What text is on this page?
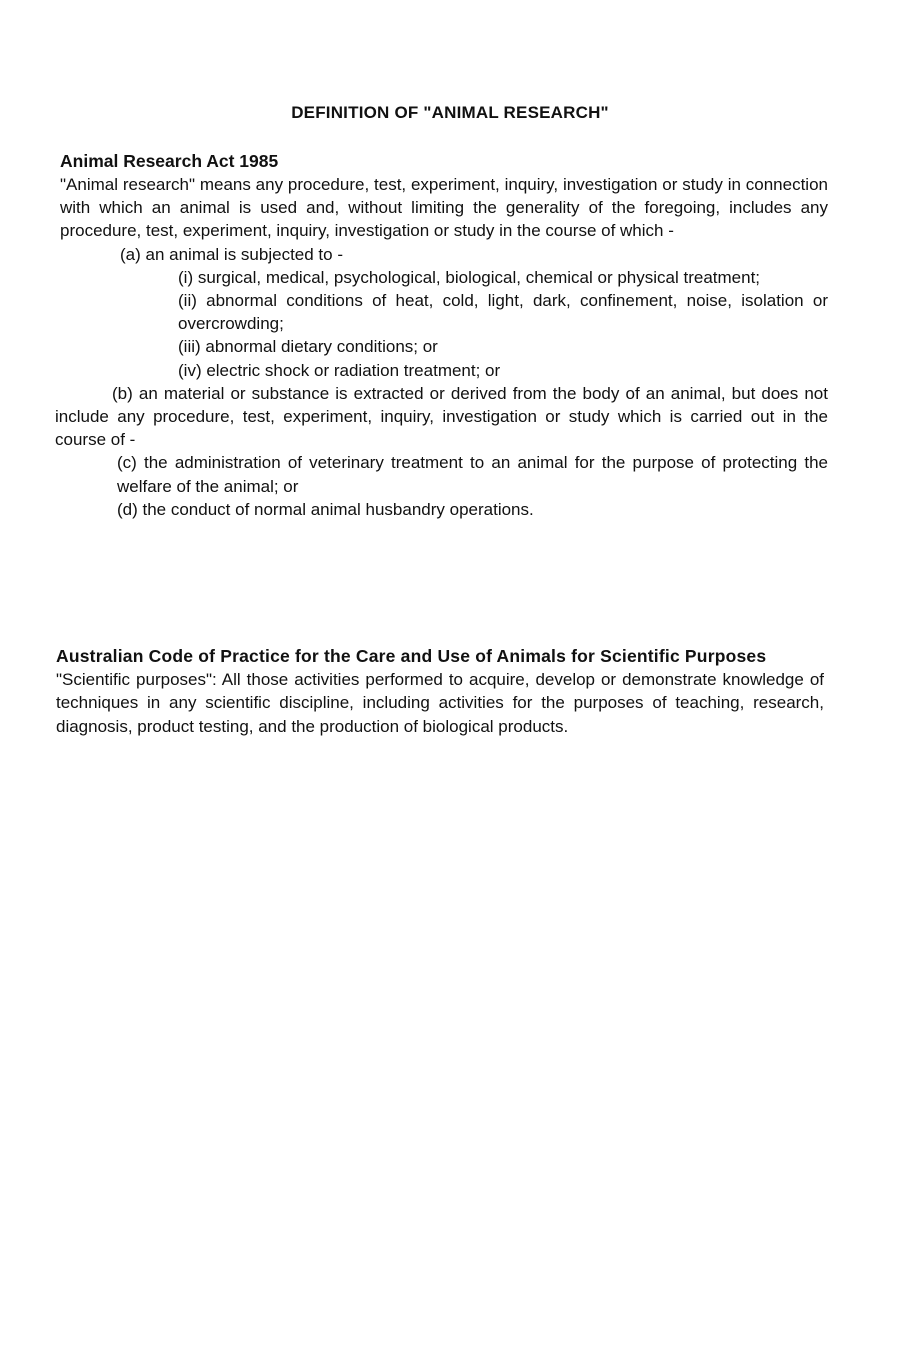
DEFINITION OF "ANIMAL RESEARCH"
Animal Research Act 1985

"Animal research" means any procedure, test, experiment, inquiry, investigation or study in connection with which an animal is used and, without limiting the generality of the foregoing, includes any procedure, test, experiment, inquiry, investigation or study in the course of which -

(a) an animal is subjected to -

(i) surgical, medical, psychological, biological, chemical or physical treatment;

(ii) abnormal conditions of heat, cold, light, dark, confinement, noise, isolation or overcrowding;

(iii) abnormal dietary conditions; or

(iv) electric shock or radiation treatment; or

(b) an material or substance is extracted or derived from the body of an animal, but does not include any procedure, test, experiment, inquiry, investigation or study which is carried out in the course of -

(c) the administration of veterinary treatment to an animal for the purpose of protecting the welfare of the animal; or

(d) the conduct of normal animal husbandry operations.

Australian Code of Practice for the Care and Use of Animals for Scientific Purposes

"Scientific purposes": All those activities performed to acquire, develop or demonstrate knowledge of techniques in any scientific discipline, including activities for the purposes of teaching, research, diagnosis, product testing, and the production of biological products.
